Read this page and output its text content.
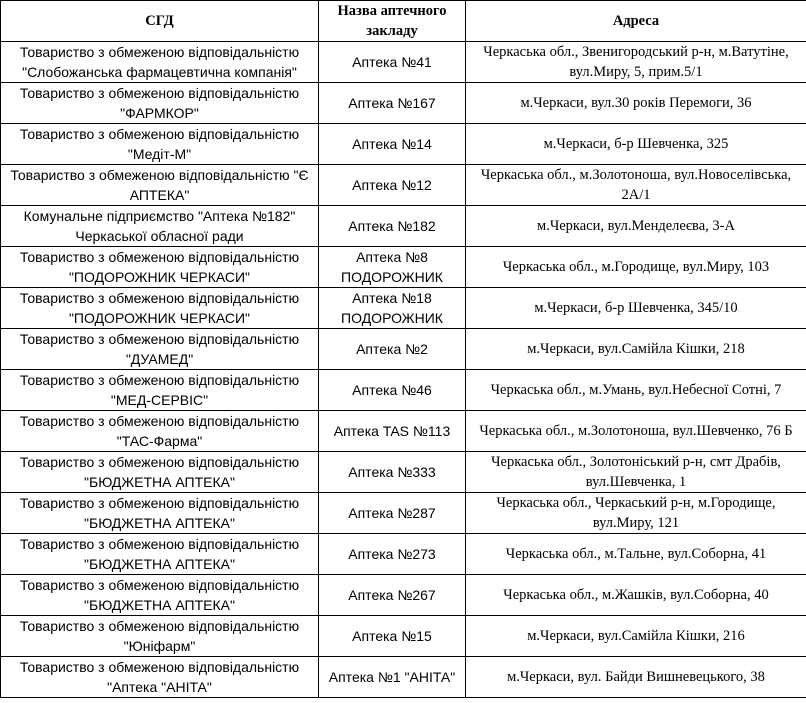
СГД	Назва аптечного закладу	Адреса
Товариство з обмеженою відповідальністю "Слобожанська фармацевтична компанія"	Аптека №41	Черкаська обл., Звенигородський р-н, м.Ватутіне, вул.Миру, 5, прим.5/1
Товариство з обмеженою відповідальністю "ФАРМКОР"	Аптека №167	м.Черкаси, вул.30 років Перемоги, 36
Товариство з обмеженою відповідальністю "Медіт-М"	Аптека №14	м.Черкаси, б-р Шевченка, 325
Товариство з обмеженою відповідальністю "Є АПТЕКА"	Аптека №12	Черкаська обл., м.Золотоноша, вул.Новоселівська, 2А/1
Комунальне підприємство "Аптека №182" Черкаської обласної ради	Аптека №182	м.Черкаси, вул.Менделеєва, 3-А
Товариство з обмеженою відповідальністю "ПОДОРОЖНИК ЧЕРКАСИ"	Аптека №8 ПОДОРОЖНИК	Черкаська обл., м.Городище, вул.Миру, 103
Товариство з обмеженою відповідальністю "ПОДОРОЖНИК ЧЕРКАСИ"	Аптека №18 ПОДОРОЖНИК	м.Черкаси, б-р Шевченка, 345/10
Товариство з обмеженою відповідальністю "ДУАМЕД"	Аптека №2	м.Черкаси, вул.Самійла Кішки, 218
Товариство з обмеженою відповідальністю "МЕД-СЕРВІС"	Аптека №46	Черкаська обл., м.Умань, вул.Небесної Сотні, 7
Товариство з обмеженою відповідальністю "ТАС-Фарма"	Аптека TAS №113	Черкаська обл., м.Золотоноша, вул.Шевченко, 76 Б
Товариство з обмеженою відповідальністю "БЮДЖЕТНА АПТЕКА"	Аптека №333	Черкаська обл., Золотоніський р-н, смт Драбів, вул.Шевченка, 1
Товариство з обмеженою відповідальністю "БЮДЖЕТНА АПТЕКА"	Аптека №287	Черкаська обл., Черкаський р-н, м.Городище, вул.Миру, 121
Товариство з обмеженою відповідальністю "БЮДЖЕТНА АПТЕКА"	Аптека №273	Черкаська обл., м.Тальне, вул.Соборна, 41
Товариство з обмеженою відповідальністю "БЮДЖЕТНА АПТЕКА"	Аптека №267	Черкаська обл., м.Жашків, вул.Соборна, 40
Товариство з обмеженою відповідальністю "Юніфарм"	Аптека №15	м.Черкаси, вул.Самійла Кішки, 216
Товариство з обмеженою відповідальністю "Аптека "АНІТА"	Аптека №1 "АНІТА"	м.Черкаси, вул. Байди Вишневецького, 38
